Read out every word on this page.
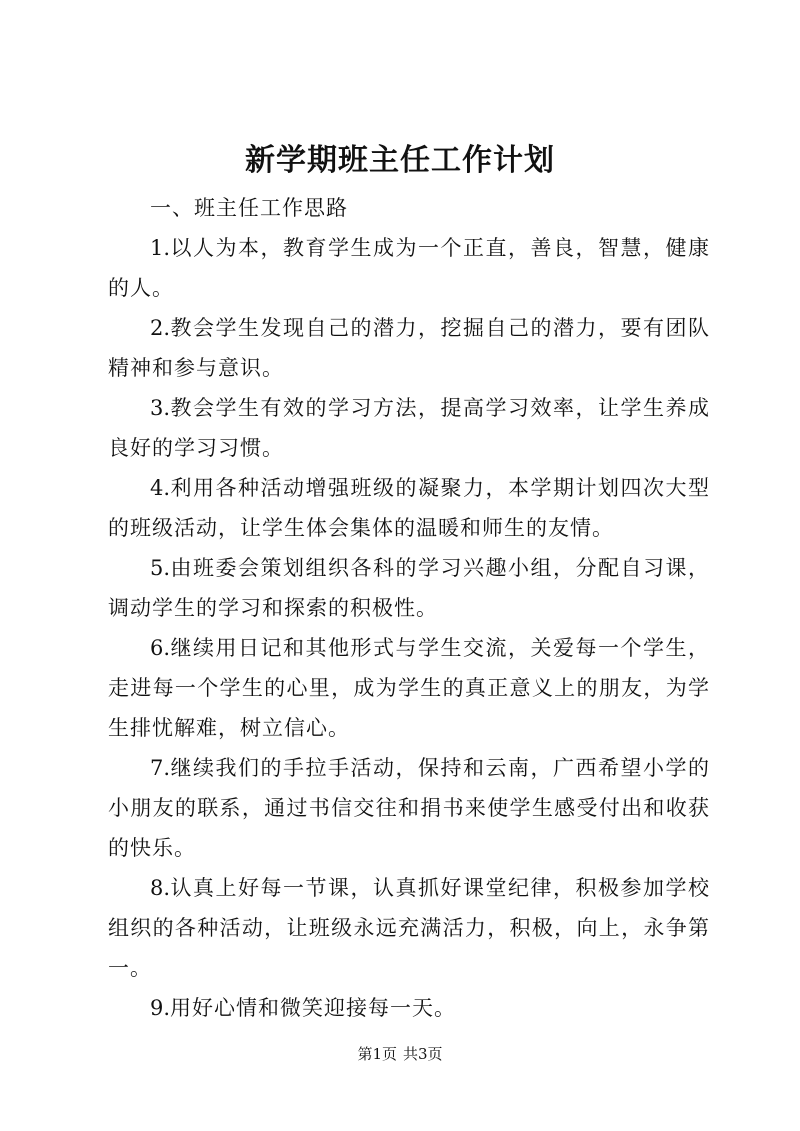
新学期班主任工作计划

一、班主任工作思路

1.以人为本，教育学生成为一个正直，善良，智慧，健康的人。

2.教会学生发现自己的潜力，挖掘自己的潜力，要有团队精神和参与意识。

3.教会学生有效的学习方法，提高学习效率，让学生养成良好的学习习惯。

4.利用各种活动增强班级的凝聚力，本学期计划四次大型的班级活动，让学生体会集体的温暖和师生的友情。

5.由班委会策划组织各科的学习兴趣小组，分配自习课，调动学生的学习和探索的积极性。

6.继续用日记和其他形式与学生交流，关爱每一个学生，走进每一个学生的心里，成为学生的真正意义上的朋友，为学生排忧解难，树立信心。

7.继续我们的手拉手活动，保持和云南，广西希望小学的小朋友的联系，通过书信交往和捐书来使学生感受付出和收获的快乐。

8.认真上好每一节课，认真抓好课堂纪律，积极参加学校组织的各种活动，让班级永远充满活力，积极，向上，永争第一。

9.用好心情和微笑迎接每一天。

第1页 共3页
